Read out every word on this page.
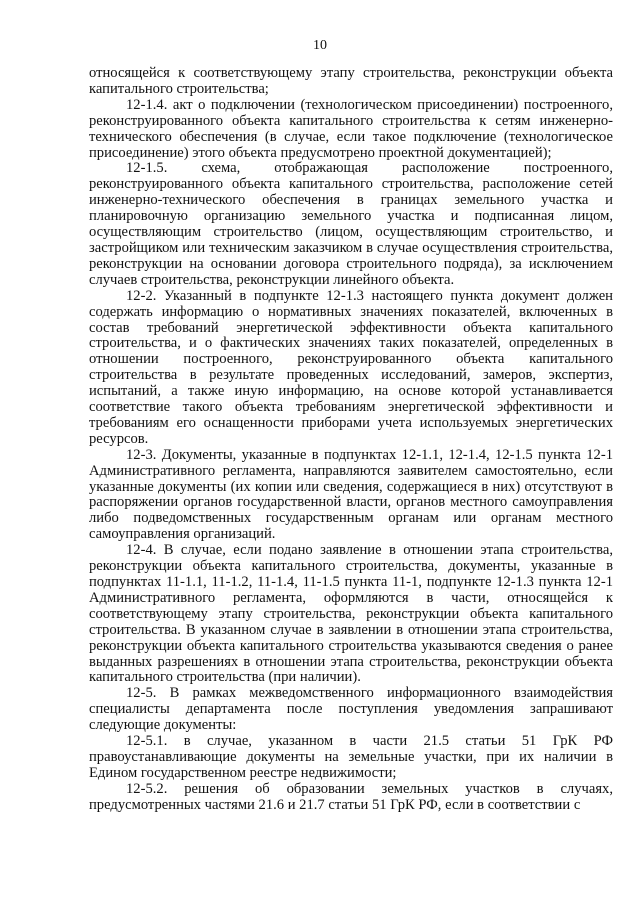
10

относящейся к соответствующему этапу строительства, реконструкции объекта капитального строительства;

12-1.4. акт о подключении (технологическом присоединении) построенного, реконструированного объекта капитального строительства к сетям инженерно-технического обеспечения (в случае, если такое подключение (технологическое присоединение) этого объекта предусмотрено проектной документацией);

12-1.5. схема, отображающая расположение построенного, реконструированного объекта капитального строительства, расположение сетей инженерно-технического обеспечения в границах земельного участка и планировочную организацию земельного участка и подписанная лицом, осуществляющим строительство (лицом, осуществляющим строительство, и застройщиком или техническим заказчиком в случае осуществления строительства, реконструкции на основании договора строительного подряда), за исключением случаев строительства, реконструкции линейного объекта.

12-2. Указанный в подпункте 12-1.3 настоящего пункта документ должен содержать информацию о нормативных значениях показателей, включенных в состав требований энергетической эффективности объекта капитального строительства, и о фактических значениях таких показателей, определенных в отношении построенного, реконструированного объекта капитального строительства в результате проведенных исследований, замеров, экспертиз, испытаний, а также иную информацию, на основе которой устанавливается соответствие такого объекта требованиям энергетической эффективности и требованиям его оснащенности приборами учета используемых энергетических ресурсов.

12-3. Документы, указанные в подпунктах 12-1.1, 12-1.4, 12-1.5 пункта 12-1 Административного регламента, направляются заявителем самостоятельно, если указанные документы (их копии или сведения, содержащиеся в них) отсутствуют в распоряжении органов государственной власти, органов местного самоуправления либо подведомственных государственным органам или органам местного самоуправления организаций.

12-4. В случае, если подано заявление в отношении этапа строительства, реконструкции объекта капитального строительства, документы, указанные в подпунктах 11-1.1, 11-1.2, 11-1.4, 11-1.5 пункта 11-1, подпункте 12-1.3 пункта 12-1 Административного регламента, оформляются в части, относящейся к соответствующему этапу строительства, реконструкции объекта капитального строительства. В указанном случае в заявлении в отношении этапа строительства, реконструкции объекта капитального строительства указываются сведения о ранее выданных разрешениях в отношении этапа строительства, реконструкции объекта капитального строительства (при наличии).

12-5. В рамках межведомственного информационного взаимодействия специалисты департамента после поступления уведомления запрашивают следующие документы:

12-5.1. в случае, указанном в части 21.5 статьи 51 ГрК РФ правоустанавливающие документы на земельные участки, при их наличии в Едином государственном реестре недвижимости;

12-5.2. решения об образовании земельных участков в случаях, предусмотренных частями 21.6 и 21.7 статьи 51 ГрК РФ, если в соответствии с
